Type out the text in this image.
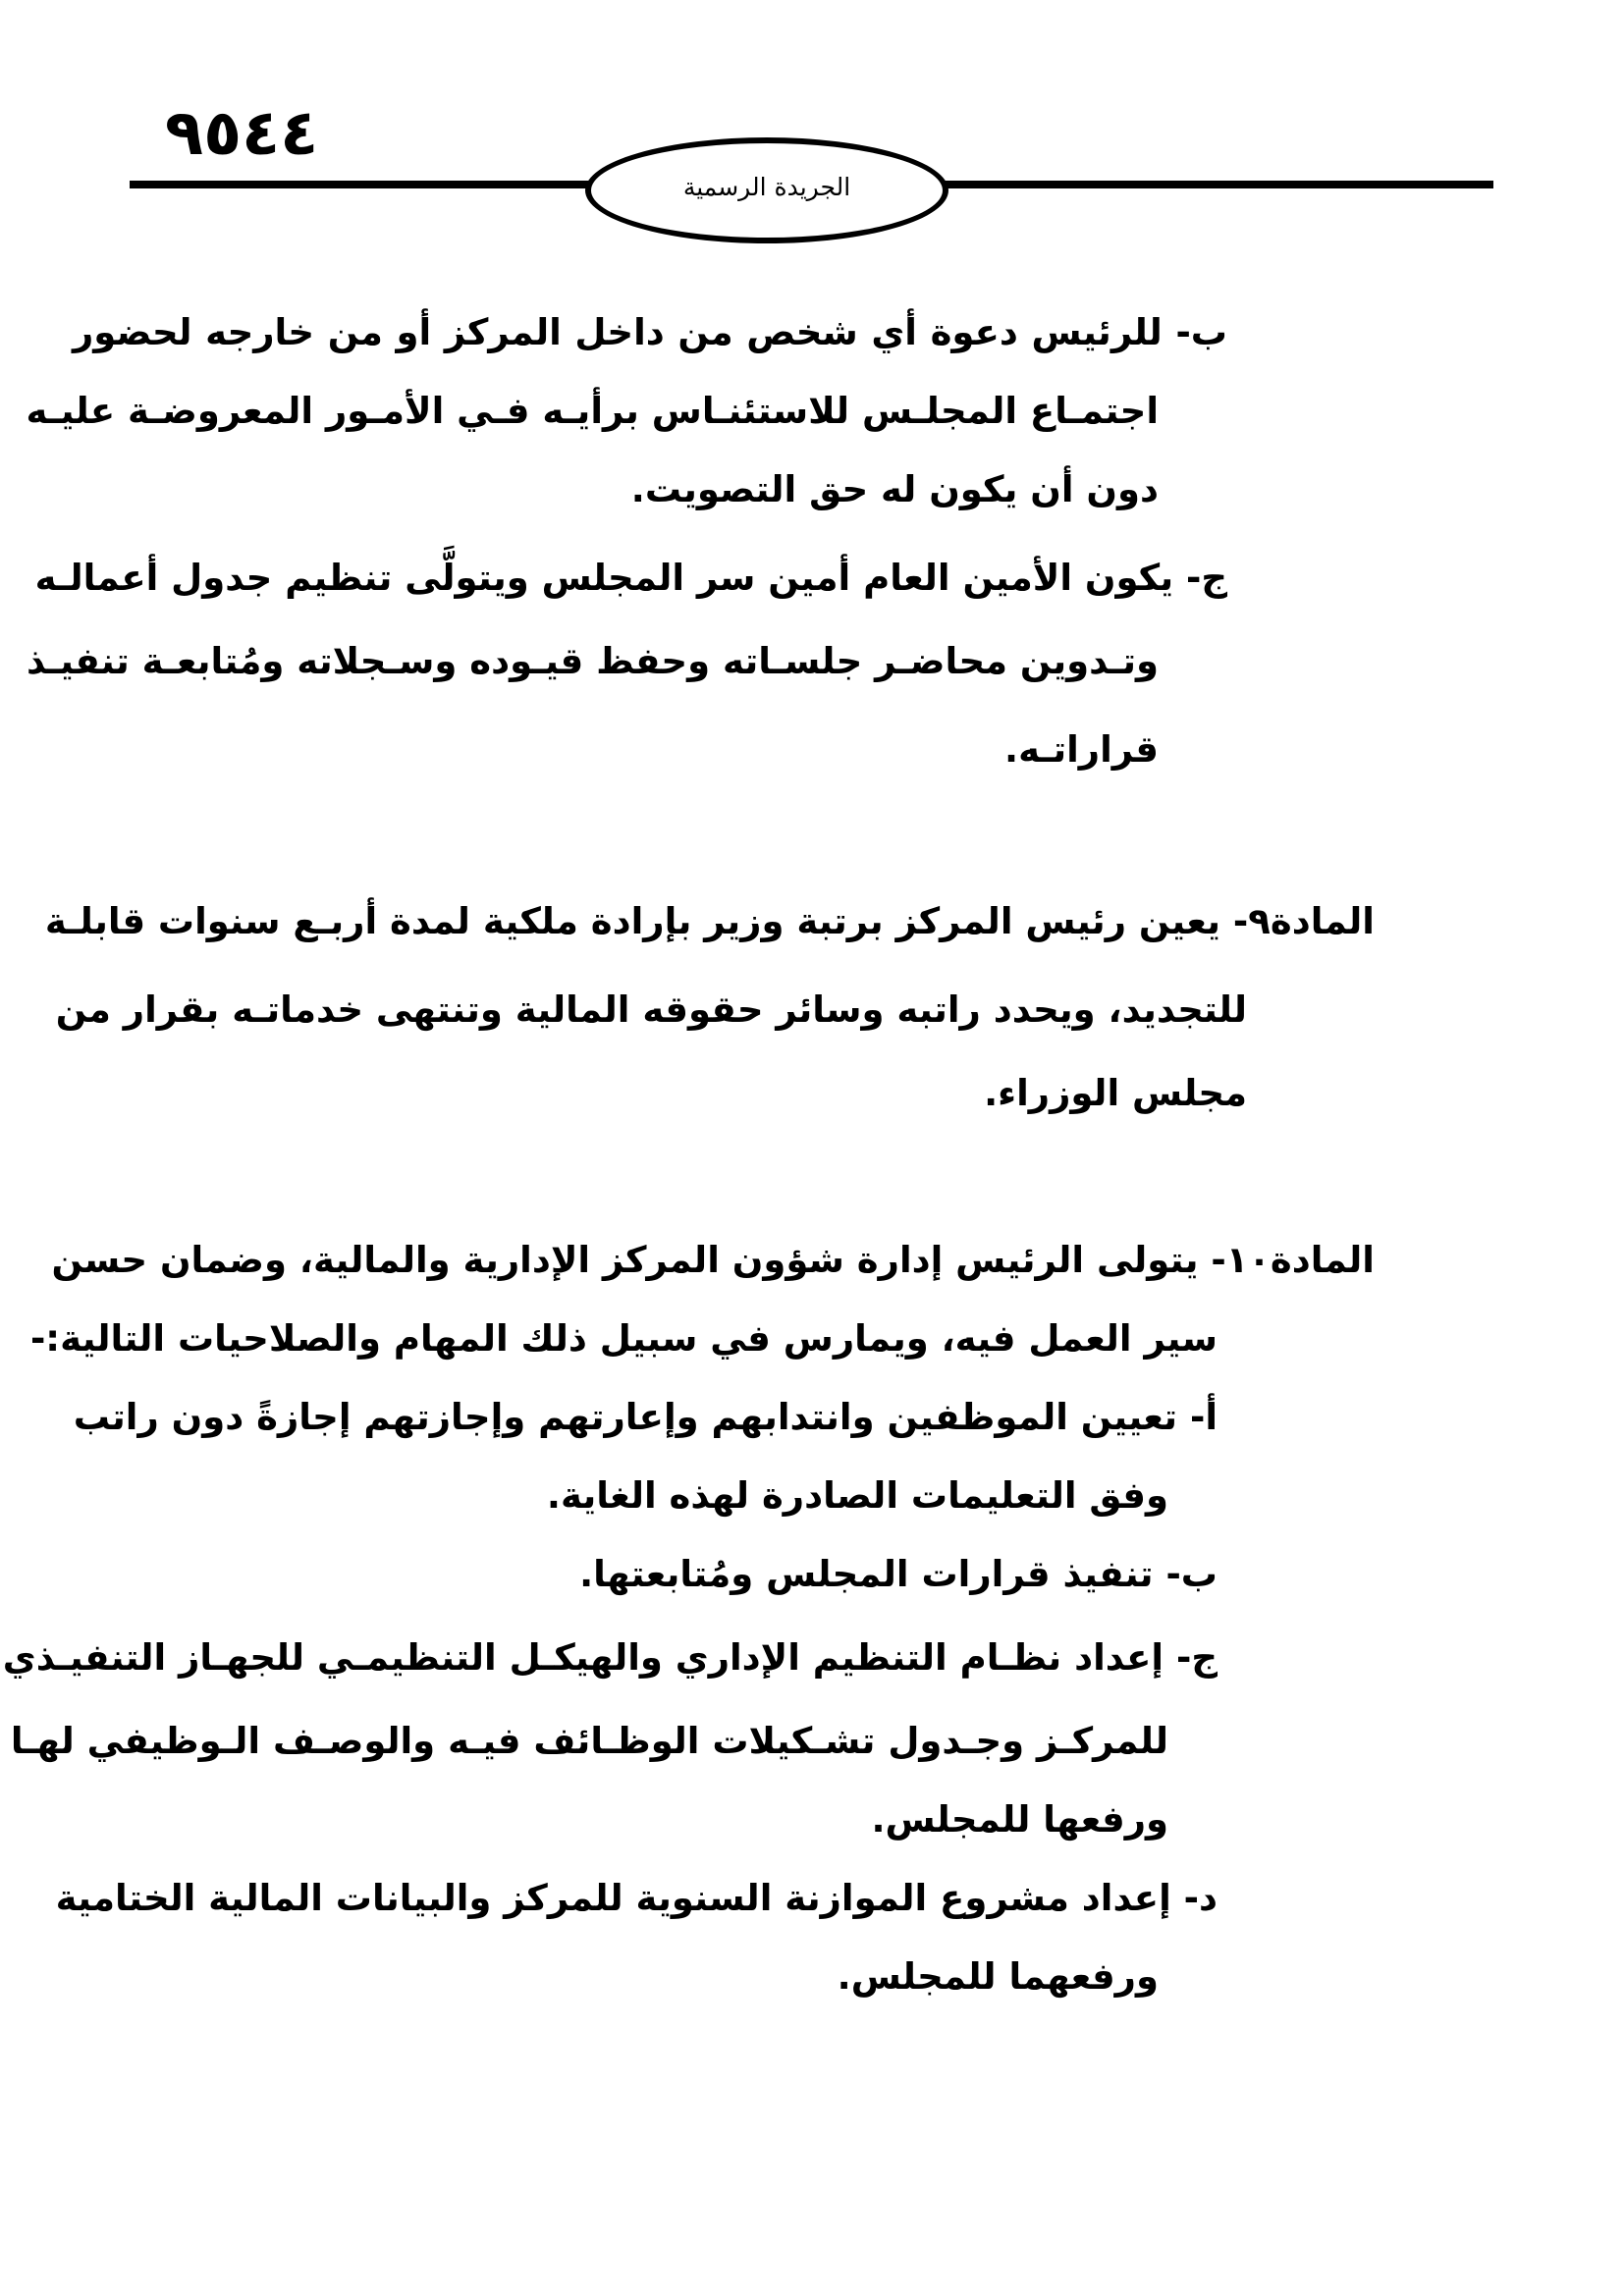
٤٤٥٩
الجريدة الرسمية
ب- للرئيس دعوة أي شخص من داخل المركز أو من خارجه لحضور
اجتمـاع المجلـس للاستئنـاس برأيـه فـي الأمـور المعروضـة عليـه
دون أن يكون له حق التصويت.
ج- يكون الأمين العام أمين سر المجلس ويتولَّى تنظيم جدول أعمالـه
وتـدوين محاضـر جلسـاته وحفظ قيـوده وسـجلاته ومُتابعـة تنفيـذ
قراراتـه.
المادة٩- يعين رئيس المركز برتبة وزير بإرادة ملكية لمدة أربـع سنوات قابلـة
للتجديد، ويحدد راتبه وسائر حقوقه المالية وتنتهى خدماتـه بقرار من
مجلس الوزراء.
المادة١٠- يتولى الرئيس إدارة شؤون المركز الإدارية والمالية، وضمان حسن
سير العمل فيه، ويمارس في سبيل ذلك المهام والصلاحيات التالية:-
أ- تعيين الموظفين وانتدابهم وإعارتهم وإجازتهم إجازةً دون راتب
وفق التعليمات الصادرة لهذه الغاية.
ب- تنفيذ قرارات المجلس ومُتابعتها.
ج- إعداد نظـام التنظيم الإداري والهيكـل التنظيمـي للجهـاز التنفيـذي
للمركـز وجـدول تشـكيلات الوظـائف فيـه والوصـف الـوظيفي لهـا
ورفعها للمجلس.
د- إعداد مشروع الموازنة السنوية للمركز والبيانات المالية الختامية
ورفعهما للمجلس.
